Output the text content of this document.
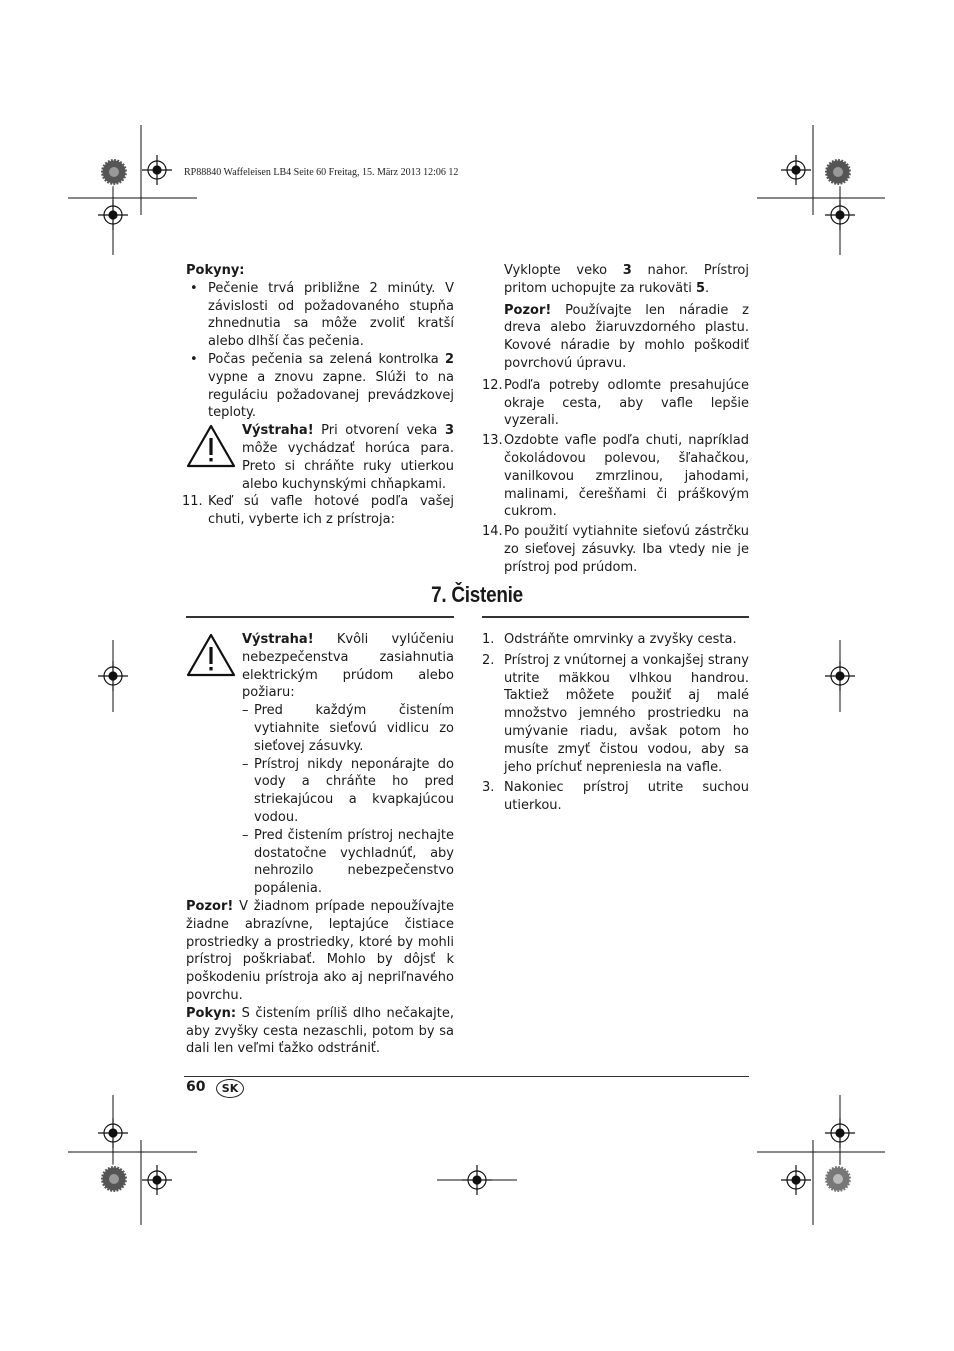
RP88840 Waffeleisen LB4 Seite 60 Freitag, 15. März 2013 12:06 12

Pokyny:

• Pečenie trvá približne 2 minúty. V závislosti od požadovaného stupňa zhnednutia sa môže zvoliť kratší alebo dlhší čas pečenia.

• Počas pečenia sa zelená kontrolka 2 vypne a znovu zapne. Slúži to na reguláciu požadovanej prevádzkovej teploty.

Výstraha! Pri otvorení veka 3 môže vychádzať horúca para. Preto si chráňte ruky utierkou alebo kuchynskými chňapkami.

11. Keď sú vafle hotové podľa vašej chuti, vyberte ich z prístroja:

Vyklopte veko 3 nahor. Prístroj pritom uchopujte za rukoväti 5.

Pozor! Používajte len náradie z dreva alebo žiaruvzdorného plastu. Kovové náradie by mohlo poškodiť povrchovú úpravu.

12. Podľa potreby odlomte presahujúce okraje cesta, aby vafle lepšie vyzerali.

13. Ozdobte vafle podľa chuti, napríklad čokoládovou polevou, šľahačkou, vanilkovou zmrzlinou, jahodami, malinami, čerešňami či práškovým cukrom.

14. Po použití vytiahnite sieťovú zástrčku zo sieťovej zásuvky. Iba vtedy nie je prístroj pod prúdom.

7. Čistenie

Výstraha! Kvôli vylúčeniu nebezpečenstva zasiahnutia elektrickým prúdom alebo požiaru:

– Pred každým čistením vytiahnite sieťovú vidlicu zo sieťovej zásuvky.

– Prístroj nikdy neponárajte do vody a chráňte ho pred striekajúcou a kvapkajúcou vodou.

– Pred čistením prístroj nechajte dostatočne vychladnúť, aby nehrozilo nebezpečenstvo popálenia.

Pozor! V žiadnom prípade nepoužívajte žiadne abrazívne, leptajúce čistiace prostriedky a prostriedky, ktoré by mohli prístroj poškriabať. Mohlo by dôjsť k poškodeniu prístroja ako aj nepriľnavého povrchu.

Pokyn: S čistením príliš dlho nečakajte, aby zvyšky cesta nezaschli, potom by sa dali len veľmi ťažko odstrániť.

1. Odstráňte omrvinky a zvyšky cesta.

2. Prístroj z vnútornej a vonkajšej strany utrite mäkkou vlhkou handrou. Taktiež môžete použiť aj malé množstvo jemného prostriedku na umývanie riadu, avšak potom ho musíte zmyť čistou vodou, aby sa jeho príchuť nepreniesla na vafle.

3. Nakoniec prístroj utrite suchou utierkou.

60	SK
